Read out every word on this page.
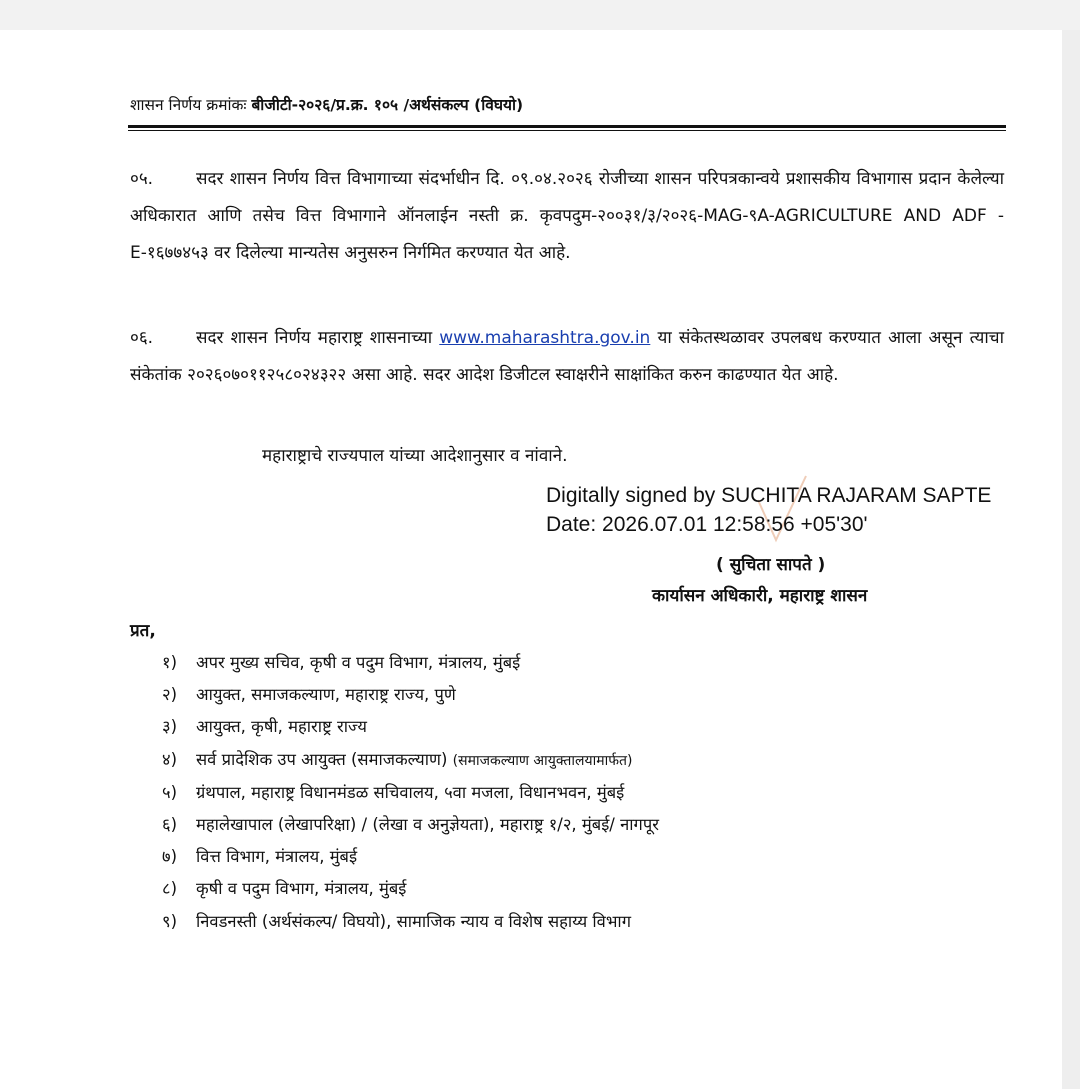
शासन निर्णय क्रमांकः बीजीटी-२०२६/प्र.क्र. १०५ /अर्थसंकल्प (विघयो)
०५.	सदर शासन निर्णय वित्त विभागाच्या संदर्भाधीन दि. ०९.०४.२०२६ रोजीच्या शासन परिपत्रकान्वये प्रशासकीय विभागास प्रदान केलेल्या अधिकारात आणि तसेच वित्त विभागाने ऑनलाईन नस्ती क्र. कृवपदुम-२००३१/३/२०२६-MAG-९A-AGRICULTURE AND ADF -E-१६७७४५३ वर दिलेल्या मान्यतेस अनुसरुन निर्गमित करण्यात येत आहे.
०६.	सदर शासन निर्णय महाराष्ट्र शासनाच्या www.maharashtra.gov.in या संकेतस्थळावर उपलबध करण्यात आला असून त्याचा संकेतांक २०२६०७०११२५८०२४३२२ असा आहे. सदर आदेश डिजीटल स्वाक्षरीने साक्षांकित करुन काढण्यात येत आहे.
महाराष्ट्राचे राज्यपाल यांच्या आदेशानुसार व नांवाने.
Digitally signed by SUCHITA RAJARAM SAPTE
Date: 2026.07.01 12:58:56 +05'30'
( सुचिता सापते )
कार्यासन अधिकारी, महाराष्ट्र शासन
प्रत,
१) अपर मुख्य सचिव, कृषी व पदुम विभाग, मंत्रालय, मुंबई
२) आयुक्त, समाजकल्याण, महाराष्ट्र राज्य, पुणे
३) आयुक्त, कृषी, महाराष्ट्र राज्य
४) सर्व प्रादेशिक उप आयुक्त (समाजकल्याण) (समाजकल्याण आयुक्तालयामार्फत)
५) ग्रंथपाल, महाराष्ट्र विधानमंडळ सचिवालय, ५वा मजला, विधानभवन, मुंबई
६) महालेखापाल (लेखापरिक्षा) / (लेखा व अनुज्ञेयता), महाराष्ट्र १/२, मुंबई/ नागपूर
७) वित्त विभाग, मंत्रालय, मुंबई
८) कृषी व पदुम विभाग, मंत्रालय, मुंबई
९) निवडनस्ती (अर्थसंकल्प/ विघयो), सामाजिक न्याय व विशेष सहाय्य विभाग
